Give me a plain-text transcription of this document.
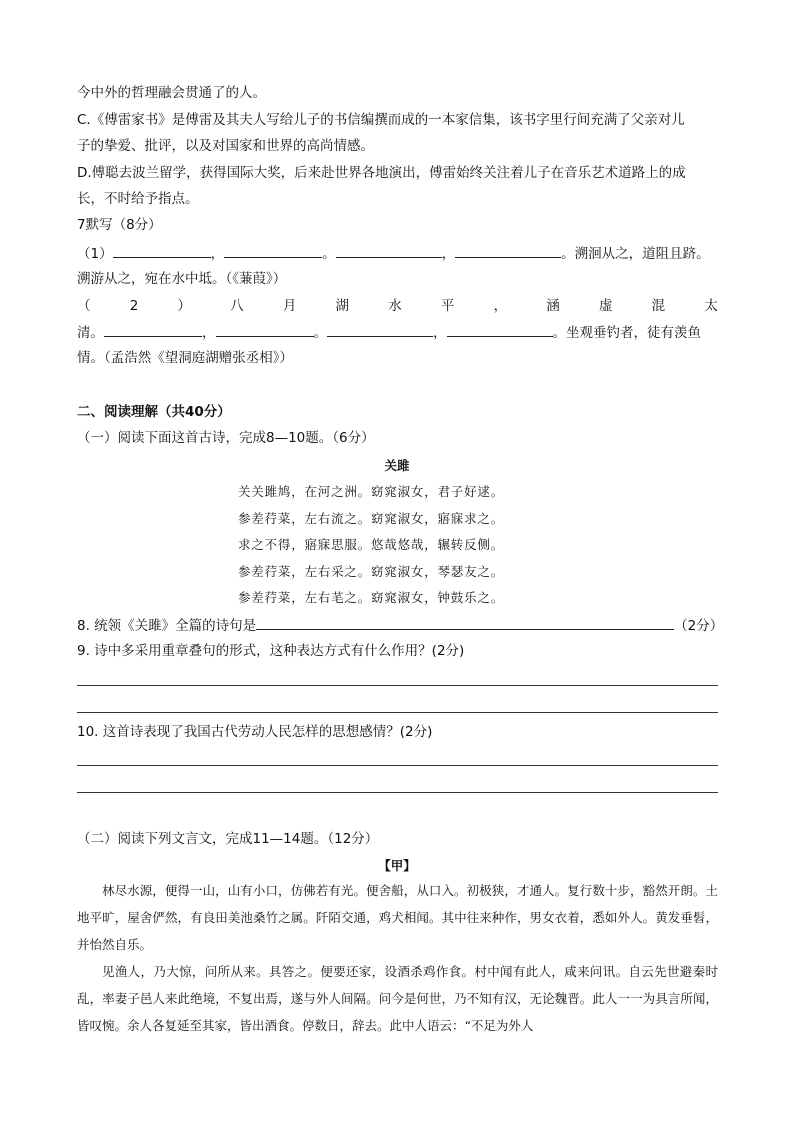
今中外的哲理融会贯通了的人。
C.《傅雷家书》是傅雷及其夫人写给儿子的书信编撰而成的一本家信集，该书字里行间充满了父亲对儿
子的挚爱、批评，以及对国家和世界的高尚情感。
D.傅聪去波兰留学，获得国际大奖，后来赴世界各地演出，傅雷始终关注着儿子在音乐艺术道路上的成
长，不时给予指点。
7默写（8分）
（1）	，	。	，	。溯洄从之，道阻且跻。
溯游从之，宛在水中坻。（《蒹葭》）
（	2	）	八	月	湖	水	平	，	涵	虚	混	太
清。	，	。	，	。坐观垂钓者，徒有羡鱼
情。（孟浩然《望洞庭湖赠张丞相》）
二、阅读理解（共40分）
（一）阅读下面这首古诗，完成8—10题。（6分）
关雎
关关雎鸠，在河之洲。窈窕淑女，君子好逑。
参差荇菜，左右流之。窈窕淑女，寤寐求之。
求之不得，寤寐思服。悠哉悠哉，辗转反侧。
参差荇菜，左右采之。窈窕淑女，琴瑟友之。
参差荇菜，左右芼之。窈窕淑女，钟鼓乐之。
8. 统领《关雎》全篇的诗句是	（2分）
9. 诗中多采用重章叠句的形式，这种表达方式有什么作用？(2分)
10. 这首诗表现了我国古代劳动人民怎样的思想感情？(2分)
（二）阅读下列文言文，完成11—14题。（12分）
【甲】

林尽水源，便得一山，山有小口，仿佛若有光。便舍船，从口入。初极狭，才通人。复行数十步，豁然开朗。土地平旷，屋舍俨然，有良田美池桑竹之属。阡陌交通，鸡犬相闻。其中往来种作，男女衣着，悉如外人。黄发垂髫，并怡然自乐。

见渔人，乃大惊，问所从来。具答之。便要还家，设酒杀鸡作食。村中闻有此人，咸来问讯。自云先世避秦时乱，率妻子邑人来此绝境，不复出焉，遂与外人间隔。问今是何世，乃不知有汉，无论魏晋。此人一一为具言所闻，皆叹惋。余人各复延至其家，皆出酒食。停数日，辞去。此中人语云：“不足为外人
